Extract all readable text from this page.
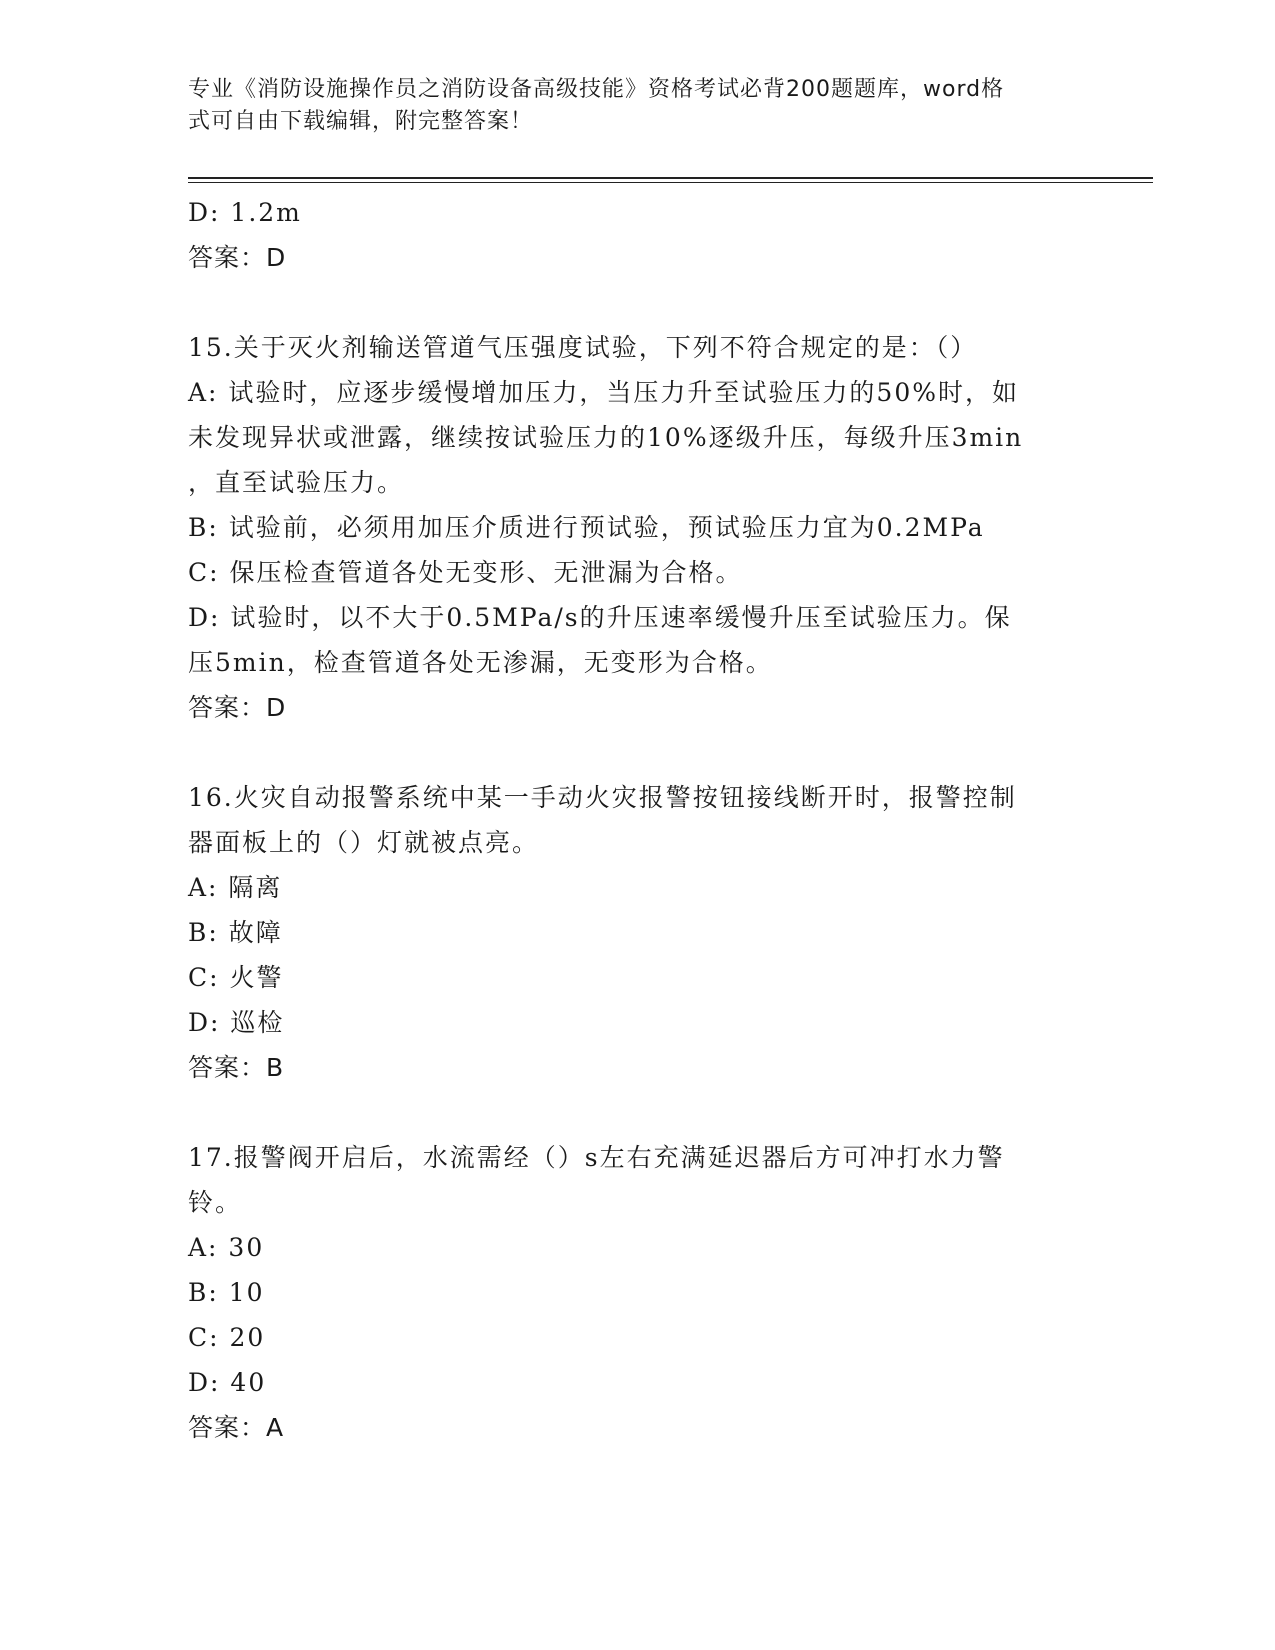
专业《消防设施操作员之消防设备高级技能》资格考试必背200题题库，word格
式可自由下载编辑，附完整答案！
D: 1.2m
答案：D
15.关于灭火剂输送管道气压强度试验，下列不符合规定的是：（）
A: 试验时，应逐步缓慢增加压力，当压力升至试验压力的50%时，如
未发现异状或泄露，继续按试验压力的10%逐级升压，每级升压3min
，直至试验压力。
B: 试验前，必须用加压介质进行预试验，预试验压力宜为0.2MPa
C: 保压检查管道各处无变形、无泄漏为合格。
D: 试验时，以不大于0.5MPa/s的升压速率缓慢升压至试验压力。保
压5min，检查管道各处无渗漏，无变形为合格。
答案：D
16.火灾自动报警系统中某一手动火灾报警按钮接线断开时，报警控制
器面板上的（）灯就被点亮。
A: 隔离
B: 故障
C: 火警
D: 巡检
答案：B
17.报警阀开启后，水流需经（）s左右充满延迟器后方可冲打水力警
铃。
A: 30
B: 10
C: 20
D: 40
答案：A
